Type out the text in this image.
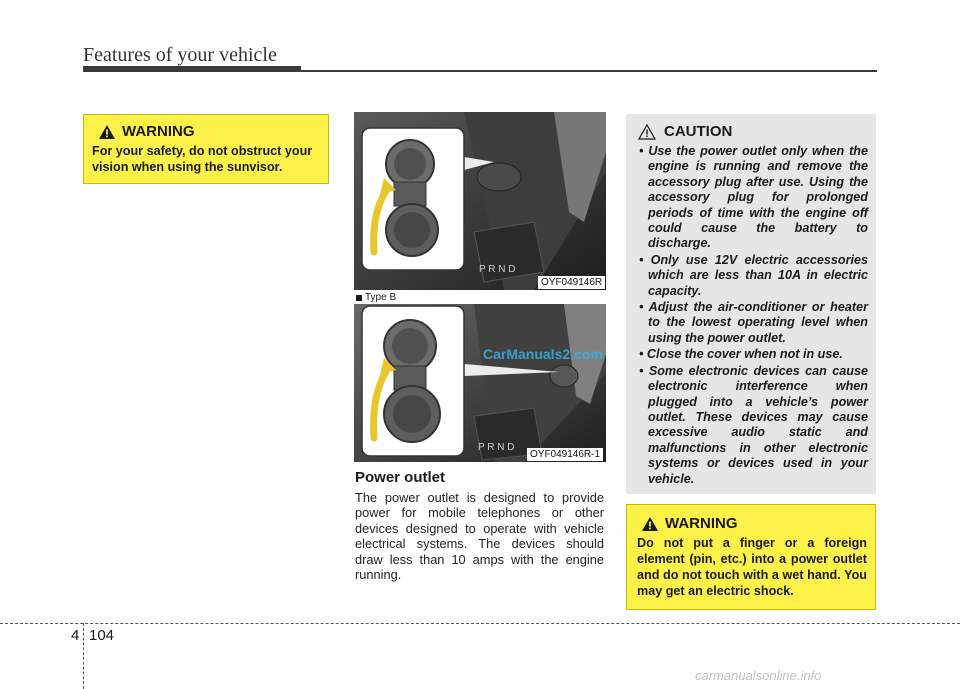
Features of your vehicle
WARNING
For your safety, do not obstruct your vision when using the sunvisor.
P R N D
OYF049146R
Type B
P R N D
OYF049146R-1
CarManuals2.com
Power outlet
The power outlet is designed to provide power for mobile telephones or other devices designed to operate with vehicle electrical systems. The devices should draw less than 10 amps with the engine running.
CAUTION
• Use the power outlet only when the engine is running and remove the accessory plug after use. Using the accessory plug for prolonged periods of time with the engine off could cause the battery to discharge.
• Only use 12V electric accessories which are less than 10A in electric capacity.
• Adjust the air-conditioner or heater to the lowest operating level when using the power outlet.
• Close the cover when not in use.
• Some electronic devices can cause electronic interference when plugged into a vehicle’s power outlet. These devices may cause excessive audio static and malfunctions in other electronic systems or devices used in your vehicle.
WARNING
Do not put a finger or a foreign element (pin, etc.) into a power outlet and do not touch with a wet hand. You may get an electric shock.
4 104
carmanualsonline.info
